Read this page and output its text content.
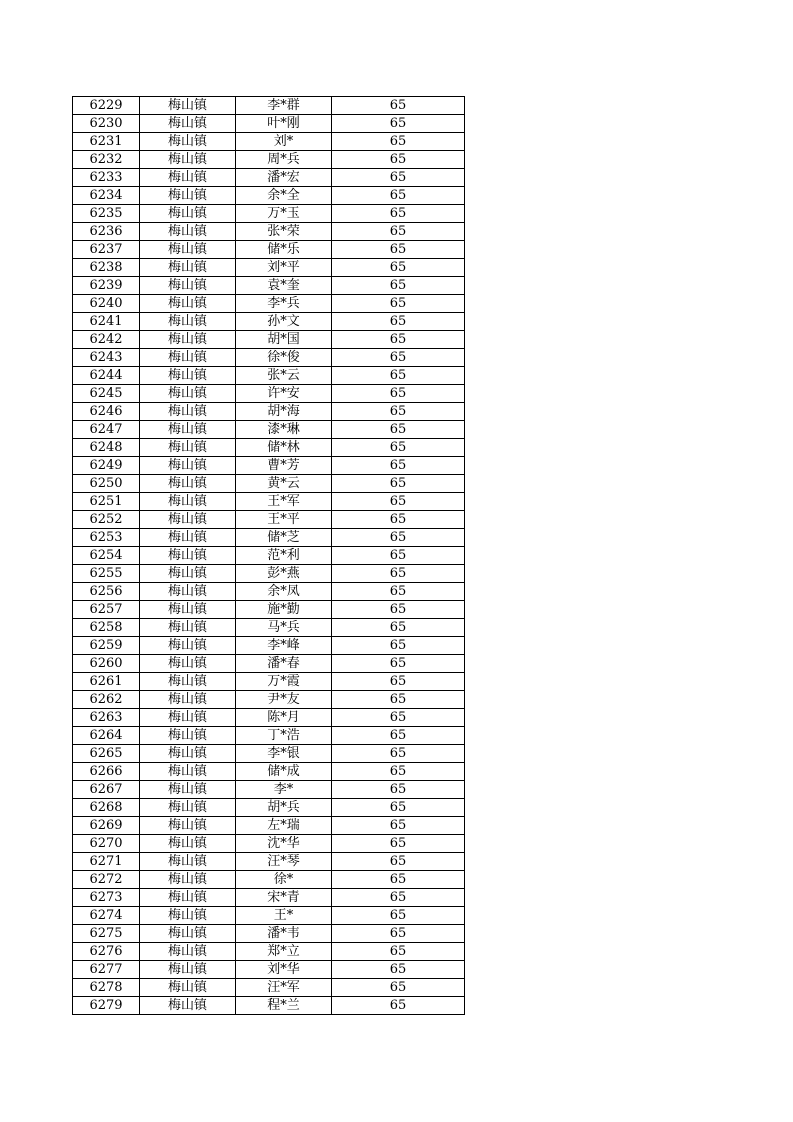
6229	梅山镇	李*群	65
6230	梅山镇	叶*刚	65
6231	梅山镇	刘*	65
6232	梅山镇	周*兵	65
6233	梅山镇	潘*宏	65
6234	梅山镇	余*全	65
6235	梅山镇	万*玉	65
6236	梅山镇	张*荣	65
6237	梅山镇	储*乐	65
6238	梅山镇	刘*平	65
6239	梅山镇	袁*奎	65
6240	梅山镇	李*兵	65
6241	梅山镇	孙*文	65
6242	梅山镇	胡*国	65
6243	梅山镇	徐*俊	65
6244	梅山镇	张*云	65
6245	梅山镇	许*安	65
6246	梅山镇	胡*海	65
6247	梅山镇	漆*琳	65
6248	梅山镇	储*林	65
6249	梅山镇	曹*芳	65
6250	梅山镇	黄*云	65
6251	梅山镇	王*军	65
6252	梅山镇	王*平	65
6253	梅山镇	储*芝	65
6254	梅山镇	范*利	65
6255	梅山镇	彭*燕	65
6256	梅山镇	余*凤	65
6257	梅山镇	施*勤	65
6258	梅山镇	马*兵	65
6259	梅山镇	李*峰	65
6260	梅山镇	潘*春	65
6261	梅山镇	万*霞	65
6262	梅山镇	尹*友	65
6263	梅山镇	陈*月	65
6264	梅山镇	丁*浩	65
6265	梅山镇	李*银	65
6266	梅山镇	储*成	65
6267	梅山镇	李*	65
6268	梅山镇	胡*兵	65
6269	梅山镇	左*瑞	65
6270	梅山镇	沈*华	65
6271	梅山镇	汪*琴	65
6272	梅山镇	徐*	65
6273	梅山镇	宋*青	65
6274	梅山镇	王*	65
6275	梅山镇	潘*韦	65
6276	梅山镇	郑*立	65
6277	梅山镇	刘*华	65
6278	梅山镇	汪*军	65
6279	梅山镇	程*兰	65
